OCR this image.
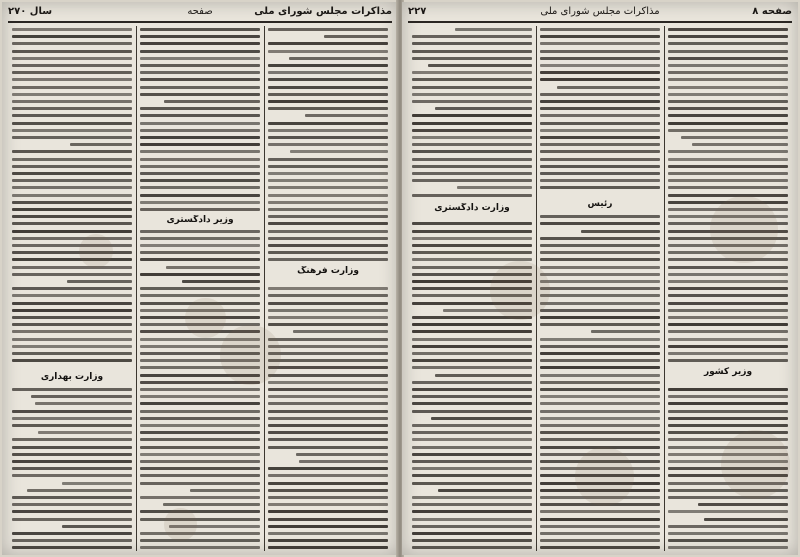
مذاکرات مجلس شورای ملی
صفحه
سال ۲۷۰
وزارت بهداری
وزیر دادگستری
وزارت فرهنگ
صفحه ۸
مذاکرات مجلس شورای ملی
۲۲۷
وزارت دادگستری	رئیس
وزیر کشور
